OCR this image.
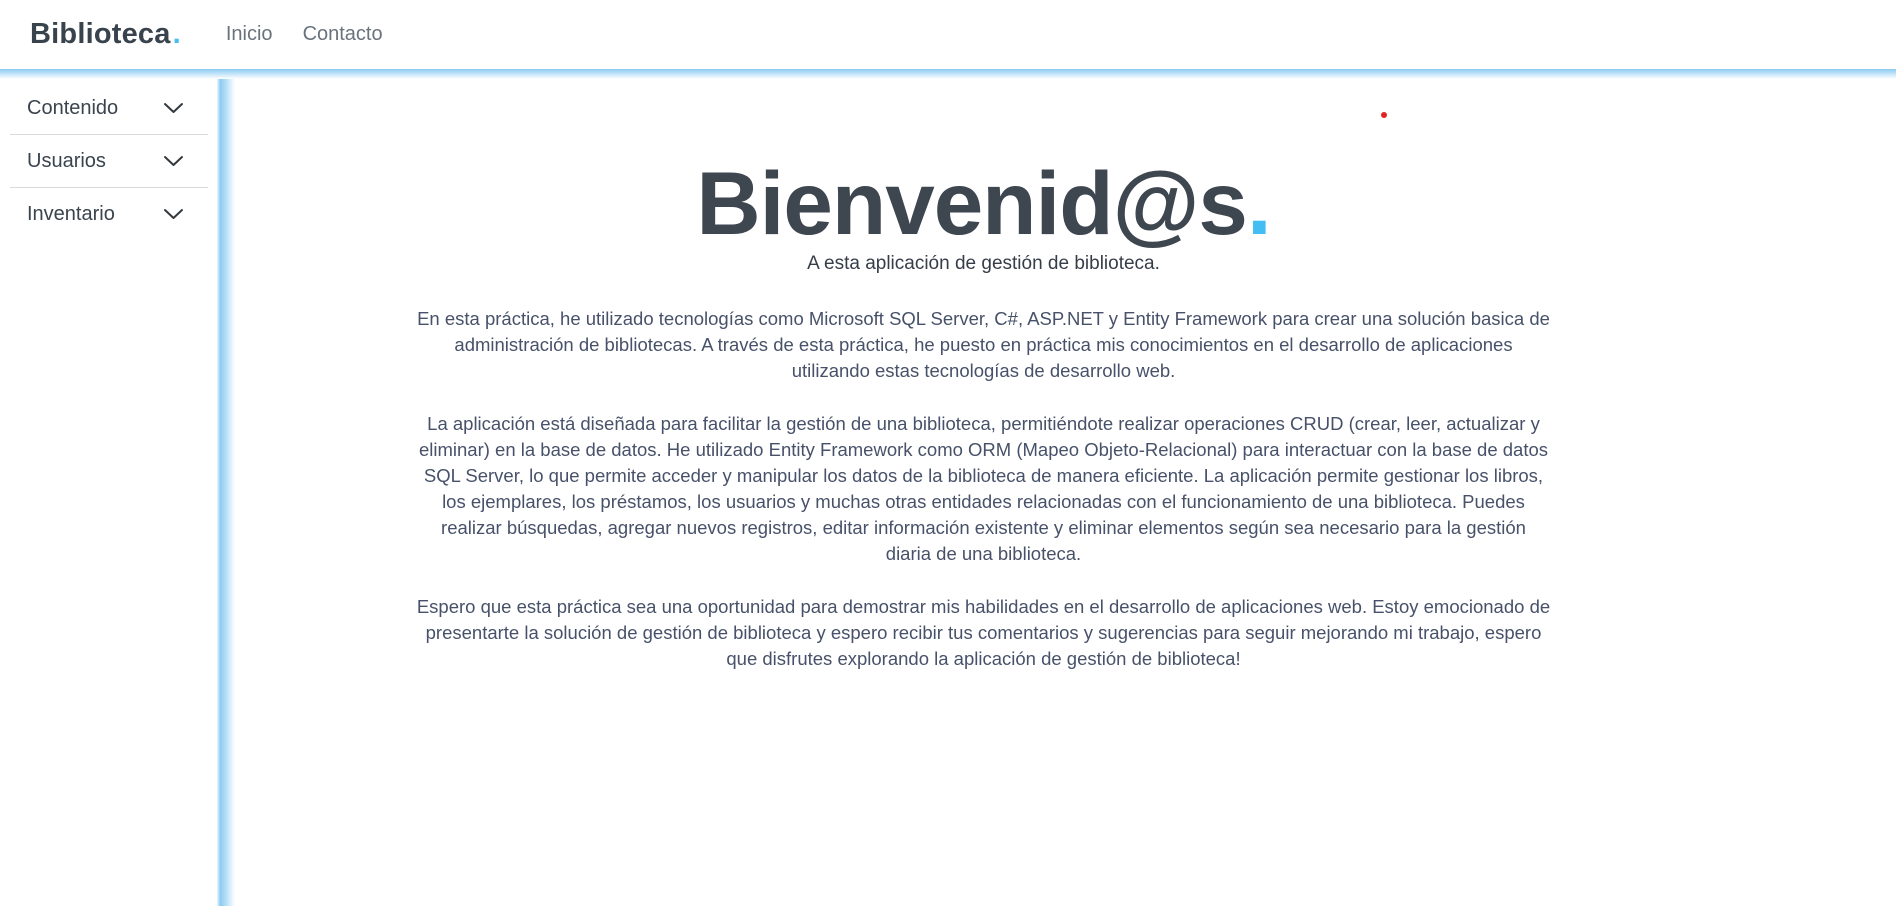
Biblioteca. Inicio Contacto
Contenido
Usuarios
Inventario	Bienvenid@s.
A esta aplicación de gestión de biblioteca.

En esta práctica, he utilizado tecnologías como Microsoft SQL Server, C#, ASP.NET y Entity Framework para crear una solución basica de administración de bibliotecas. A través de esta práctica, he puesto en práctica mis conocimientos en el desarrollo de aplicaciones utilizando estas tecnologías de desarrollo web.

La aplicación está diseñada para facilitar la gestión de una biblioteca, permitiéndote realizar operaciones CRUD (crear, leer, actualizar y eliminar) en la base de datos. He utilizado Entity Framework como ORM (Mapeo Objeto-Relacional) para interactuar con la base de datos SQL Server, lo que permite acceder y manipular los datos de la biblioteca de manera eficiente. La aplicación permite gestionar los libros, los ejemplares, los préstamos, los usuarios y muchas otras entidades relacionadas con el funcionamiento de una biblioteca. Puedes realizar búsquedas, agregar nuevos registros, editar información existente y eliminar elementos según sea necesario para la gestión diaria de una biblioteca.

Espero que esta práctica sea una oportunidad para demostrar mis habilidades en el desarrollo de aplicaciones web. Estoy emocionado de presentarte la solución de gestión de biblioteca y espero recibir tus comentarios y sugerencias para seguir mejorando mi trabajo, espero que disfrutes explorando la aplicación de gestión de biblioteca!
